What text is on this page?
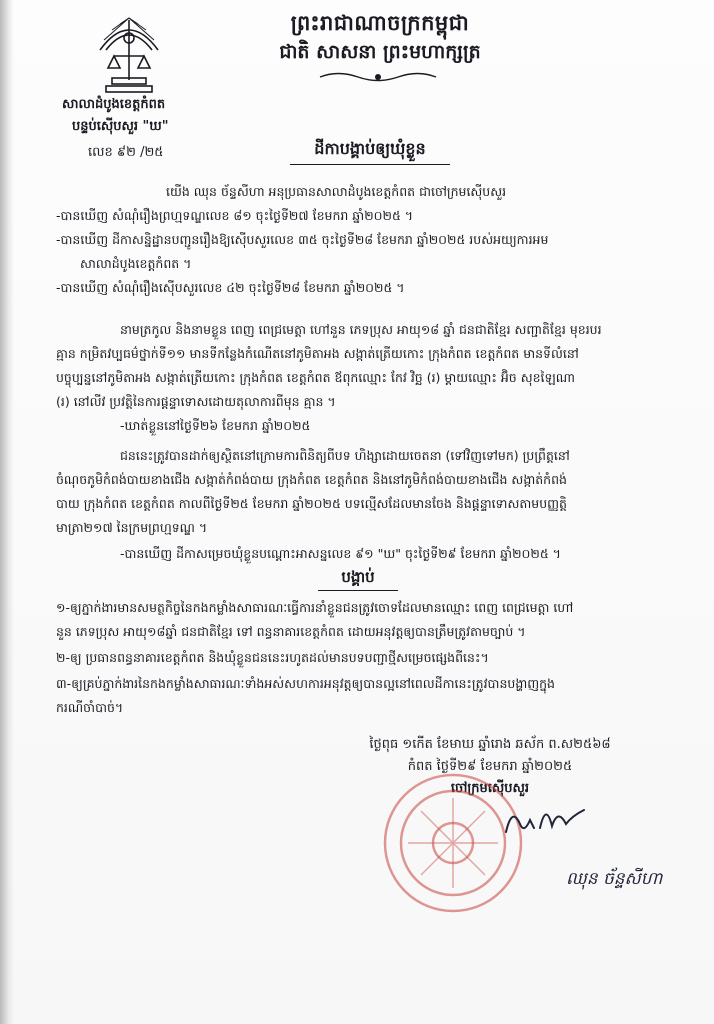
ព្រះរាជាណាចក្រកម្ពុជា
ជាតិ សាសនា ព្រះមហាក្សត្រ
សាលាដំបូងខេត្តកំពត
បន្ទប់ស៊ើបសួរ "ឃ"
លេខ ៩២ /២៥	ដីកាបង្គាប់ឲ្យឃុំខ្លួន
យើង ឈុន ច័ន្ទសីហា អនុប្រធានសាលាដំបូងខេត្តកំពត ជាចៅក្រមស៊ើបសួរ
-បានឃើញ សំណុំរឿងព្រហ្មទណ្ឌលេខ ៨១ ចុះថ្ងៃទី២៧ ខែមករា ឆ្នាំ២០២៥ ។
-បានឃើញ ដីកាសន្និដ្ឋានបញ្ជូនរឿងឱ្យស៊ើបសួរលេខ ៣៥ ចុះថ្ងៃទី២៨ ខែមករា ឆ្នាំ២០២៥ របស់អយ្យការអម
សាលាដំបូងខេត្តកំពត ។
-បានឃើញ សំណុំរឿងស៊ើបសួរលេខ ៤២ ចុះថ្ងៃទី២៨ ខែមករា ឆ្នាំ២០២៥ ។
នាមត្រកូល និងនាមខ្លួន ពេញ ពេជ្រមេត្តា ហៅនួន ភេទប្រុស អាយុ១៨ ឆ្នាំ ជនជាតិខ្មែរ សញ្ជាតិខ្មែរ មុខរបរ
គ្មាន កម្រិតវប្បធម៌ថ្នាក់ទី១១ មានទីកន្លែងកំណើតនៅភូមិតាអង សង្កាត់ត្រើយកោះ ក្រុងកំពត ខេត្តកំពត មានទីលំនៅ
បច្ចុប្បន្ននៅភូមិតាអង សង្កាត់ត្រើយកោះ ក្រុងកំពត ខេត្តកំពត ឪពុកឈ្មោះ កែវ វិច្ឆ (រ) ម្ដាយឈ្មោះ អ៊ិច សុខឡៃណា
(រ) នៅលីវ ប្រវត្តិនៃការផ្ដន្ទាទោសដោយតុលាការពីមុន គ្មាន ។
-ឃាត់ខ្លួននៅថ្ងៃទី២៦ ខែមករា ឆ្នាំ២០២៥
ជននេះត្រូវបានដាក់ឲ្យស្ថិតនៅក្រោមការពិនិត្យពីបទ ហិង្សាដោយចេតនា (ទៅវិញទៅមក) ប្រព្រឹត្តនៅ
ចំណុចភូមិកំពង់បាយខាងជើង សង្កាត់កំពង់បាយ ក្រុងកំពត ខេត្តកំពត និងនៅភូមិកំពង់បាយខាងជើង សង្កាត់កំពង់
បាយ ក្រុងកំពត ខេត្តកំពត កាលពីថ្ងៃទី២៥ ខែមករា ឆ្នាំ២០២៥ បទល្មើសដែលមានចែង និងផ្ដន្ទាទោសតាមបញ្ញត្តិ
មាត្រា២១៧ នៃក្រមព្រហ្មទណ្ឌ ។
-បានឃើញ ដីកាសម្រេចឃុំខ្លួនបណ្ដោះអាសន្នលេខ ៩១ "ឃ" ចុះថ្ងៃទី២៩ ខែមករា ឆ្នាំ២០២៥ ។
បង្គាប់
១-ឲ្យភ្នាក់ងារមានសមត្ថកិច្ចនៃកងកម្លាំងសាធារណៈធ្វើការនាំខ្លួនជនត្រូវចោទដែលមានឈ្មោះ ពេញ ពេជ្រមេត្តា ហៅ
នួន ភេទប្រុស អាយុ១៨ឆ្នាំ ជនជាតិខ្មែរ ទៅ ពន្ធនាគារខេត្តកំពត ដោយអនុវត្តឲ្យបានត្រឹមត្រូវតាមច្បាប់ ។
២-ឲ្យ ប្រធានពន្ធនាគារខេត្តកំពត និងឃុំខ្លួនជននេះរហូតដល់មានបទបញ្ជាថ្មីសម្រេចផ្សេងពីនេះ។
៣-ឲ្យគ្រប់ភ្នាក់ងារនៃកងកម្លាំងសាធារណៈទាំងអស់សហការអនុវត្តឲ្យបានល្អនៅពេលដីកានេះត្រូវបានបង្ហាញក្នុង
ករណីចាំបាច់។
ថ្ងៃពុធ ១កើត ខែមាឃ ឆ្នាំរោង ឆស័ក ព.ស២៥៦៨
កំពត ថ្ងៃទី២៩ ខែមករា ឆ្នាំ២០២៥
ចៅក្រមស៊ើបសួរ
ឈុន ច័ន្ទសីហា
